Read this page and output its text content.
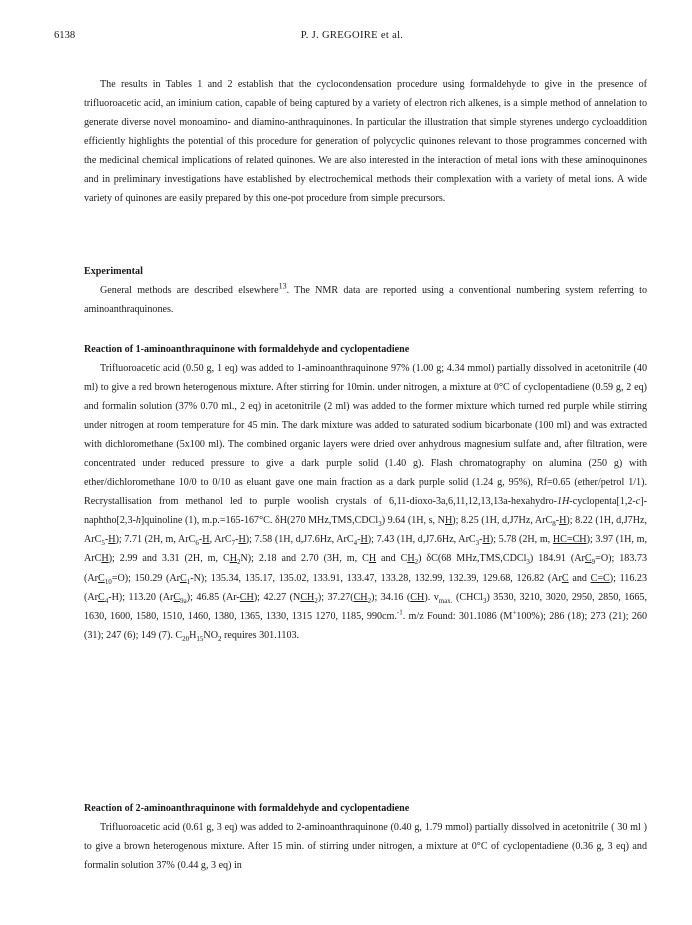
6138	P. J. GREGOIRE et al.

The results in Tables 1 and 2 establish that the cyclocondensation procedure using formaldehyde to give in the presence of trifluoroacetic acid, an iminium cation, capable of being captured by a variety of electron rich alkenes, is a simple method of annelation to generate diverse novel monoamino- and diamino-anthraquinones. In particular the illustration that simple styrenes undergo cycloaddition efficiently highlights the potential of this procedure for generation of polycyclic quinones relevant to those programmes concerned with the medicinal chemical implications of related quinones. We are also interested in the interaction of metal ions with these aminoquinones and in preliminary investigations have established by electrochemical methods their complexation with a variety of metal ions. A wide variety of quinones are easily prepared by this one-pot procedure from simple precursors.

Experimental

General methods are described elsewhere$^{13}$. The NMR data are reported using a conventional numbering system referring to aminoanthraquinones.

Reaction of 1-aminoanthraquinone with formaldehyde and cyclopentadiene

Trifluoroacetic acid (0.50 g, 1 eq) was added to 1-aminoanthraquinone 97% (1.00 g; 4.34 mmol) partially dissolved in acetonitrile (40 ml) to give a red brown heterogenous mixture. After stirring for 10min. under nitrogen, a mixture at 0°C of cyclopentadiene (0.59 g, 2 eq) and formalin solution (37% 0.70 ml., 2 eq) in acetonitrile (2 ml) was added to the former mixture which turned red purple while stirring under nitrogen at room temperature for 45 min. The dark mixture was added to saturated sodium bicarbonate (100 ml) and was extracted with dichloromethane (5x100 ml). The combined organic layers were dried over anhydrous magnesium sulfate and, after filtration, were concentrated under reduced pressure to give a dark purple solid (1.40 g). Flash chromatography on alumina (250 g) with ether/dichloromethane 10/0 to 0/10 as eluant gave one main fraction as a dark purple solid (1.24 g, 95%), Rf=0.65 (ether/petrol 1/1). Recrystallisation from methanol led to purple woolish crystals of 6,11-dioxo-3a,6,11,12,13,13a-hexahydro-1H-cyclopenta[1,2-c]-naphtho[2,3-h]quinoline (1), m.p.=165-167°C. δH(270 MHz,TMS,CDCl$_3$) 9.64 (1H, s, NH); 8.25 (1H, d,J7Hz, ArC$_8$-H); 8.22 (1H, d,J7Hz, ArC$_5$-H); 7.71 (2H, m, ArC$_6$-H, ArC$_7$-H); 7.58 (1H, d,J7.6Hz, ArC$_4$-H); 7.43 (1H, d,J7.6Hz, ArC$_3$-H); 5.78 (2H, m, HC=CH); 3.97 (1H, m, ArCH); 2.99 and 3.31 (2H, m, $CH_2N$); 2.18 and 2.70 (3H, m, CH and $CH_2$) δC(68 MHz,TMS,CDCl$_3$) 184.91 (ArC$_9$=O); 183.73 (ArC$_{10}$=O); 150.29 (ArC$_1$-N); 135.34, 135.17, 135.02, 133.91, 133.47, 133.28, 132.99, 132.39, 129.68, 126.82 (ArC and C=C); 116.23 (ArC$_4$-H); 113.20 (ArC$_{9a}$); 46.85 (Ar-CH); 42.27 $(NCH_2)$; $37.27(CH_2)$; 34.16 (CH). $v_{max.}$ (CHCl$_3$) 3530, 3210, 3020, 2950, 2850, 1665, 1630, 1600, 1580, 1510, 1460, 1380, 1365, 1330, 1315 1270, 1185, 990cm.$^{-1}$. m/z Found: 301.1086 (M+100%); 286 (18); 273 (21); 260 (31); 247 (6); 149 (7). $C_{20}H_{15}NO_2$ requires 301.1103.

Reaction of 2-aminoanthraquinone with formaldehyde and cyclopentadiene

Trifluoroacetic acid (0.61 g, 3 eq) was added to 2-aminoanthraquinone (0.40 g, 1.79 mmol) partially dissolved in acetonitrile ( 30 ml ) to give a brown heterogenous mixture. After 15 min. of stirring under nitrogen, a mixture at 0°C of cyclopentadiene (0.36 g, 3 eq) and formalin solution 37% (0.44 g, 3 eq) in
